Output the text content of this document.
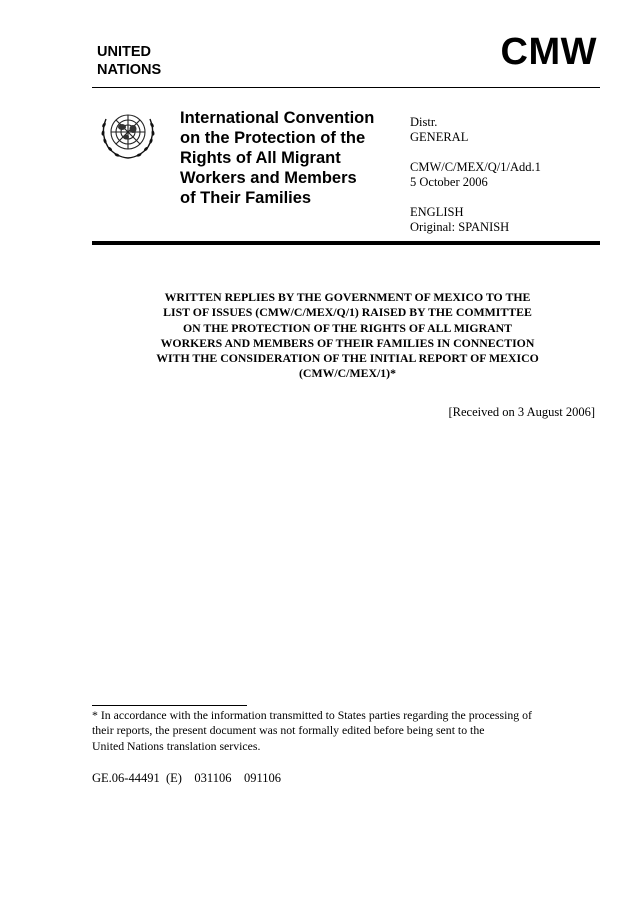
UNITED
NATIONS	CMW
International Convention
on the Protection of the
Rights of All Migrant
Workers and Members
of Their Families
Distr.
GENERAL
CMW/C/MEX/Q/1/Add.1
5 October 2006
ENGLISH
Original: SPANISH
WRITTEN REPLIES BY THE GOVERNMENT OF MEXICO TO THE
LIST OF ISSUES (CMW/C/MEX/Q/1) RAISED BY THE COMMITTEE
ON THE PROTECTION OF THE RIGHTS OF ALL MIGRANT
WORKERS AND MEMBERS OF THEIR FAMILIES IN CONNECTION
WITH THE CONSIDERATION OF THE INITIAL REPORT OF MEXICO
(CMW/C/MEX/1)*
[Received on 3 August 2006]
* In accordance with the information transmitted to States parties regarding the processing of
their reports, the present document was not formally edited before being sent to the
United Nations translation services.
GE.06-44491  (E)    031106    091106
